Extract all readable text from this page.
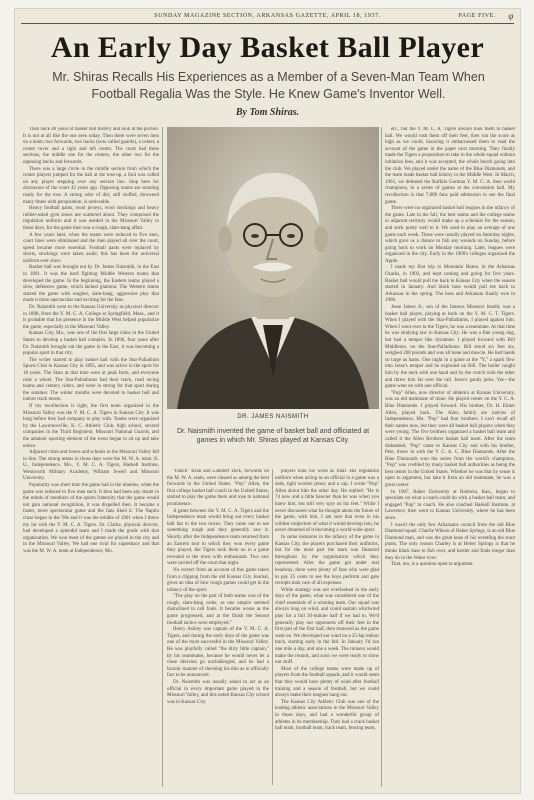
SUNDAY MAGAZINE SECTION, ARKANSAS GAZETTE, APRIL 18, 1937.	PAGE FIVE. φ
An Early Day Basket Ball Player
Mr. Shiras Recalls His Experiences as a Member of a Seven-Man Team When Football Regalia Was the Style. He Knew Game's Inventor Well.
By Tom Shiras.

Then back 40 years of basket ball history and look at the picture. It is not at all like the one seen today. Then there were seven men on a team; two forwards, two backs (now called guards), a center, a center rover and a right and left center. The court had three sections, the middle one for the centers, the other two for the opposing backs and forwards.

There was a large circle in the middle section from which the center players jumped for the ball at the toss-up, a foul was called on any player stepping over any section line. Stop here for discussion of the court 42 years ago. Opposing teams are standing ready for the toss. A strong odor of dirt, still stuffed, throwned many times with perspiration, is noticeable.

Heavy football pants, wool jerseys, wool stockings and heavy rubber-soled gym shoes are scattered about. They comprised the regulation uniform and it was needed in the Missouri Valley in those days, for the game then was a rough, slam-bang affair.

A few years later, when the teams were reduced to five men, court lines were eliminated and the men played all over the court, speed became more essential. Football pants were replaced by shorts, stockings were taken aside; this has been the universal uniform ever since.

Basket ball was brought out by Dr. James Naismith, in the East in 1891. It was the hard fighting Middle Western teams that developed the game. In the beginning, the Eastern teams played a slow, defensive game, which lacked glamour. The Western teams started the game with rougher, slam-bang, aggressive play that made it more spectacular and exciting for the fans.

Dr. Naismith went to the Kansas University as physical director in 1898, from the Y. M. C. A. College at Springfield, Mass., and it is probable that his presence in the Middle West helped popularize the game, especially in the Missouri Valley.

Kansas City, Mo., was one of the first large cities in the United States to develop a basket ball complex. In 1896, four years after Dr. Naismith brought out the game in the East, it was becoming a popular sport in that city.

The writer started to play basket ball with the Star-Palladium Sports Club in Kansas City in 1895, and was active in the sport for 18 years. The Stars at that time were at peak form, and everyone rode a wheel. The Star-Palladiums had their track, road racing teams and century riders, and were in strong for that sport during the summer. The winter months were devoted to basket ball and indoor track meets.

If my recollection is right, the first team organized in the Missouri Valley was the Y. M. C. A. Tigers in Kansas City. It was long before they had company to play with. Teams were organized by the Lawrenceville, K. C. Athletic Club, high school, several companies in the Third Regiment, Missouri National Guards, and the amateur sporting element of the town began to sit up and take notice.

Adjacent cities and towns and schools in the Missouri Valley fell in line. The strong teams in those days were the M. W. A. team, K. U., Independence, Mo., Y. M. C. A. Tigers, Haskell Institute, Wentworth Military Academy, William Jewell and Missouri University.

Popularity was short time the game had in the nineties, when the game was reduced to five men each. It then had been any doubt in the minds of members of the sports fraternity that the game would not gain national recognition, it was dispelled then. It became a faster, more spectacular game and the fans liked it. The Naptin craze began in the '90s and it was the middle of 1901 when I threw my lot with the Y. M. C. A. Tigers. Dr. Clarke, physical director, had developed a splendid team and I made the grade with that organization. We won most of the games we played in the city and in the Missouri Valley. We had one rival for supremacy and that was the M. W. A. team at Independence, Mo.

DR. JAMES NAISMITH
Dr. Naismith invented the game of basket ball and officiated at games in which Mr. Shiras played at Kansas City.

"Dutch" Kran and Lambert Dick, forwards on the M. W. A. team, were classed as among the best forwards in the United States. "Pop" Allen, the first college basket ball coach in the United States, started to play the game there and rose to national prominence.

A game between the Y. M. C. A. Tigers and the Independence team would bring out every basket ball fan in the two towns. They came out to see something rough and they generally saw it. Shortly after the Independence team returned from an Eastern tour in which they won every game they played, the Tigers took them on in a game revealed to the town with enthusiasm. Two cars were carried off the court that night.

No correct from an account of this game taken from a clipping from the old Kansas City Journal, gives an idea of how rough games could get in the infancy of the sport:

"The play on the part of both teams was of the rough, slam-bang order, as one umpire seemed disinclined to call fouls. It became worse as the game progressed, and at the finish the Senoot football tactics were employed."

Henry Ashley was captain of the Y. M. C. A. Tigers, and during the early days of the game was one of the most successful in the Missouri Valley. He was playfully called "the dirty little captain," by his teammates, because he would never let a close decision go unchallenged, and he had a laconic manner of checking his thin as to officially fact to be announced.

Dr. Naismith was usually asked to act as an official in every important game played in the Missouri Valley, and this noted Kansas City school was in Kansas City.

players took his word as final. His regulation uniform when acting as an official in a game was a dark, tight woolen jersey and a cap. I wrote "Pop" Allen about him the other day. He replied: "He is 74 now and a little heavier than he was when you knew him, but still very spry on his feet." While I never discussed what he thought about the future of the game, with him, I am sure that even in his wildest conjecture of what it would develop into, he never dreamed of it becoming a world-wide sport.

In some instances in the infancy of the game in Kansas City, the players purchased their uniforms, but for the most part the team was financed throughout by the organization which they represented. After the game got under real headway, there were plenty of fans who were glad to pay 25 cents to see the boys perform and gate receipts took care of all expenses.

While strategy was not overlooked in the early days of the game, what was considered one of the chief essentials of a winning team. Our squad was always long on wind, and could sustain whirlwind play for a full 30-minute half if we had to. We'd generally play our opponents off their feet in the first part of the first half, then trounced as the game went on. We developed our wind on a 25-lap indoor track, starting early in the fall. In January I'd run one mile a day, and one a week. The runners would make the rounds, and soon we were ready to show our stuff.

Most of the college teams were made up of players from the football squads, and it would seem that they would have plenty of wind after football training and a season of football, but we could always make their tongues hang out.

The Kansas City Athletic Club was one of the leading athletic associations in the Missouri Valley in those days, and had a wonderful group of athletes in its membership. They had a crack basket ball team, football team, track team, fencing team,

etc., but the Y. M. C. A. Tigers always took them to basket ball. We would rush them off their feet, then run the score as high as we could, knowing it embarrassed them to read the account of the game in the paper next morning. They finally made the Tigers a proposition to take in the whole squad without initiation fees, and it was accepted, the whole bunch going into the club. We played under the name of the Blue Diamonds, and the team made basket ball history in the Middle West. In March, 1903, we defeated the Buffalo German Y. M. C. A. then world champions, in a series of games at the convention hall. My recollection is that 7,000 fans paid admission to see the final game.

There were no organized basket ball leagues in the infancy of the game. Late in the fall, the best teams and the college teams in adjacent territory would make up a schedule for the season, and stick pretty well to it. We used to play an average of one game each week. These were usually played on Saturday nights, which gave us a chance to fish any wounds on Sunday, before going back to work on Monday morning. Later, leagues were organized in the city. Early in the 1900's colleges organized the Apple.

I made my first trip to Mountain Home, in the Arkansas Ozarks, in 1903, and kept coming and going for five years. Basket ball would pull me back to Kansas City when the season started in January. And black bass would pull me back to Arkansas in the spring. The bass and Arkansas finally won in 1906.

Jesse James Jr., son of the famous Missouri bandit, was a basket ball player, playing at back on the Y. M. C. T. Tigers. When I played with the Star-Palladiums, I played against him. When I went over to the Tigers, he was a teammate. At that time he was studying law in Kansas City. He was a fine young dog, but had a temper like dynamite. I played forward with Bill Middleton, on the Star-Palladiums. Bill stood six feet six, weighed 208 pounds and was all bone and muscle. He had hands so large as hams. One night in a game at the "Y," a spark flew into Jesse's temper and he exploded on Bill. The boiler caught him by the neck with one hand and by the crotch with the other and threw him far over the rail. Jesse's gaudy jerks. Yes—the game went on with one official.

"Pop" Allen, now director of athletics at Kansas University, was an old teammate of mine. He played center on the Y. C. A. Blue Diamonds. I played forward. His brother, Dr. H. Elmer Allen, played back. The Allen family are natives of Independence, Mo. "Pop" had four brothers. I can't recall all their names now, but they were all basket ball players when they were young. The five brothers organized a basket ball team and called it the Allen Brothers basket ball team. After the team disbanded, "Pop" came to Kansas City and with his brother, Pete, threw in with the Y. C. A. C. Blue Diamonds. After the Blue Diamonds won the series from the world's champions, "Pop" was credited by many basket ball authorities as being the best center in the United States. Whether he was that by sense is open to argument, but take it from an old teammate, he was a great center.

In 1907, Baker University at Baldwin, Kan., began to speculate on what a coach could do with a basket ball team, and engaged "Pop" to coach. He also coached Haskell Institute, at Lawrence, then went to Kansas University, where he has been since.

I wasn't the only few Arkansans council from the old Blue Diamond squad. Charlie Wilson of Heber Springs, is an old Blue Diamond man, and was the great knee of his wrestling the stunt punts. The only reason Charley is at Heber Springs is that he thinks black bass to fish over, and harder and finds longer than they do in the Water river.

That, too, is a question open to argument.
